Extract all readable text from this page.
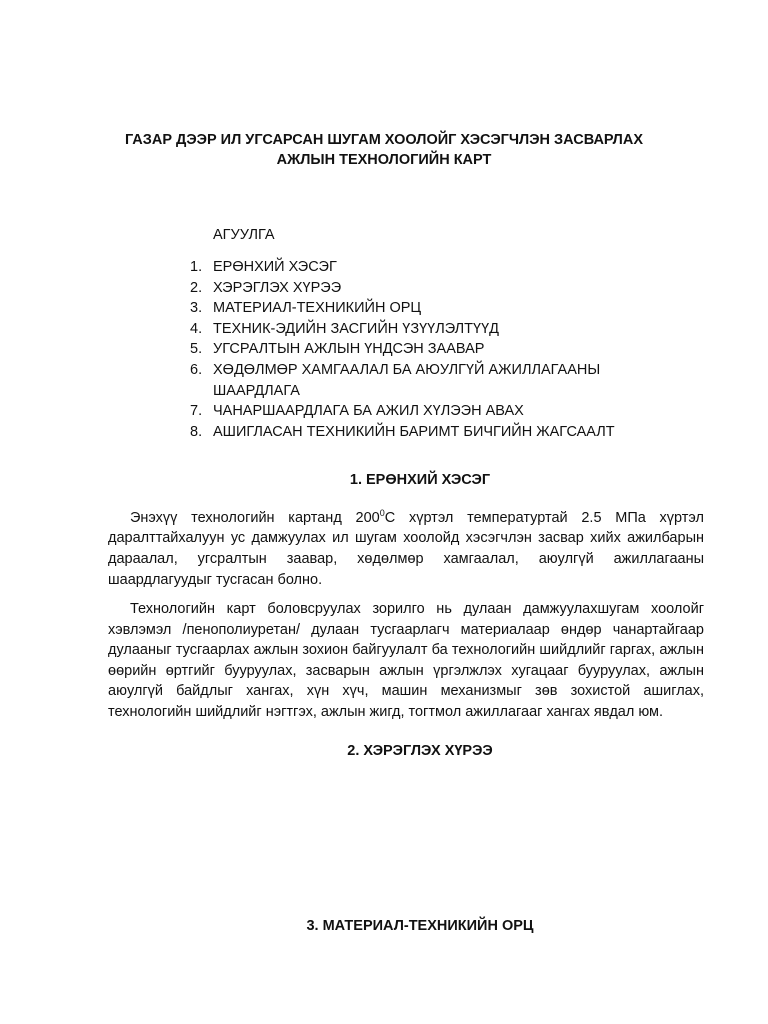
ГАЗАР ДЭЭР ИЛ УГСАРСАН ШУГАМ ХООЛОЙГ ХЭСЭГЧЛЭН ЗАСВАРЛАХ
АЖЛЫН ТЕХНОЛОГИЙН КАРТ
АГУУЛГА
1. ЕРӨНХИЙ ХЭСЭГ
2. ХЭРЭГЛЭХ ХҮРЭЭ
3. МАТЕРИАЛ-ТЕХНИКИЙН ОРЦ
4. ТЕХНИК-ЭДИЙН ЗАСГИЙН ҮЗҮҮЛЭЛТҮҮД
5. УГСРАЛТЫН АЖЛЫН ҮНДСЭН ЗААВАР
6. ХӨДӨЛМӨР ХАМГААЛАЛ БА АЮУЛГҮЙ АЖИЛЛАГААНЫ ШААРДЛАГА
7. ЧАНАРШААРДЛАГА БА АЖИЛ ХҮЛЭЭН АВАХ
8. АШИГЛАСАН ТЕХНИКИЙН БАРИМТ БИЧГИЙН ЖАГСААЛТ
1. ЕРӨНХИЙ ХЭСЭГ

Энэхүү технологийн картанд $200^0С$ хүртэл температуртай 2.5 МПа хүртэл даралттайхалуун ус дамжуулах ил шугам хоолойд хэсэгчлэн засвар хийх ажилбарын дараалал, угсралтын заавар, хөдөлмөр хамгаалал, аюулгүй ажиллагааны шаардлагуудыг тусгасан болно.

Технологийн карт боловсруулах зорилго нь дулаан дамжуулахшугам хоолойг хэвлэмэл /пенополиуретан/ дулаан тусгаарлагч материалаар өндөр чанартайгаар дулааныг тусгаарлах ажлын зохион байгуулалт ба технологийн шийдлийг гаргах, ажлын өөрийн өртгийг бууруулах, засварын ажлын үргэлжлэх хугацааг бууруулах, ажлын аюулгүй байдлыг хангах, хүн хүч, машин механизмыг зөв зохистой ашиглах, технологийн шийдлийг нэгтгэх, ажлын жигд, тогтмол ажиллагааг хангах явдал юм.

2. ХЭРЭГЛЭХ ХҮРЭЭ

3. МАТЕРИАЛ-ТЕХНИКИЙН ОРЦ
